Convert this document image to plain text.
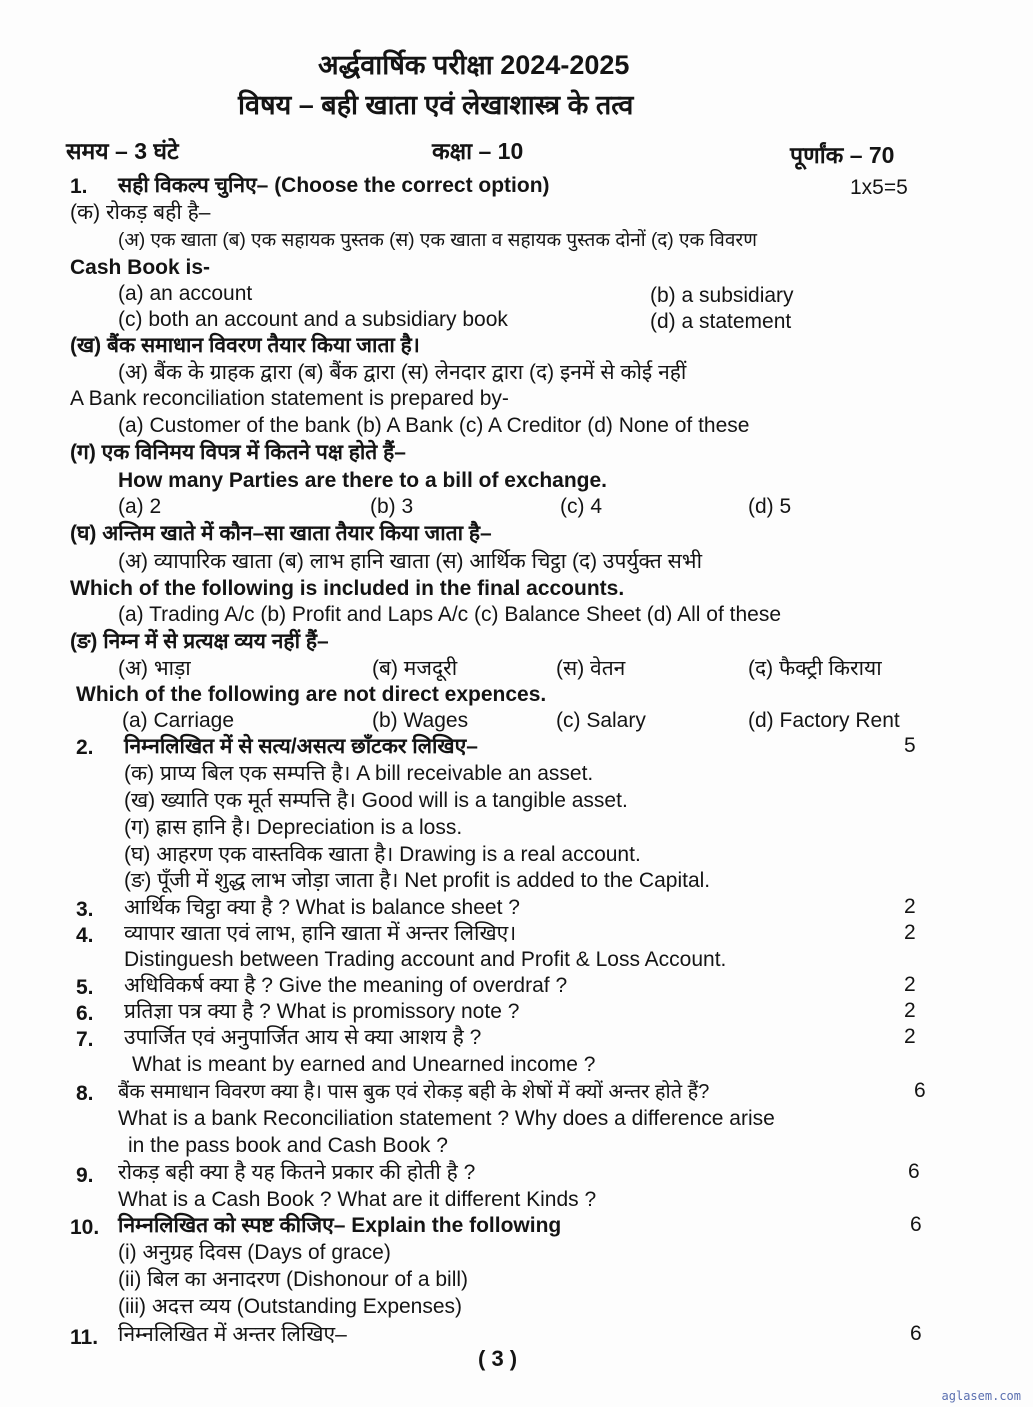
अर्द्धवार्षिक परीक्षा 2024-2025
विषय – बही खाता एवं लेखाशास्त्र के तत्व
समय – 3 घंटे	कक्षा – 10	पूर्णांक – 70
1. सही विकल्प चुनिए– (Choose the correct option)	1x5=5
(क) रोकड़ बही है–
(अ) एक खाता (ब) एक सहायक पुस्तक (स) एक खाता व सहायक पुस्तक दोनों (द) एक विवरण
Cash Book is-
(a) an account	(b) a subsidiary
(c) both an account and a subsidiary book	(d) a statement
(ख) बैंक समाधान विवरण तैयार किया जाता है।
(अ) बैंक के ग्राहक द्वारा (ब) बैंक द्वारा (स) लेनदार द्वारा (द) इनमें से कोई नहीं
A Bank reconciliation statement is prepared by-
(a) Customer of the bank (b) A Bank (c) A Creditor (d) None of these
(ग) एक विनिमय विपत्र में कितने पक्ष होते हैं–
How many Parties are there to a bill of exchange.
(a) 2	(b) 3	(c) 4	(d) 5
(घ) अन्तिम खाते में कौन–सा खाता तैयार किया जाता है–
(अ) व्यापारिक खाता (ब) लाभ हानि खाता (स) आर्थिक चिट्ठा (द) उपर्युक्त सभी
Which of the following is included in the final accounts.
(a) Trading A/c (b) Profit and Laps A/c (c) Balance Sheet (d) All of these
(ङ) निम्न में से प्रत्यक्ष व्यय नहीं हैं–
(अ) भाड़ा	(ब) मजदूरी	(स) वेतन	(द) फैक्ट्री किराया
Which of the following are not direct expences.
(a) Carriage	(b) Wages	(c) Salary	(d) Factory Rent
2. निम्नलिखित में से सत्य/असत्य छाँटकर लिखिए–	5
(क) प्राप्य बिल एक सम्पत्ति है। A bill receivable an asset.
(ख) ख्याति एक मूर्त सम्पत्ति है। Good will is a tangible asset.
(ग) ह्रास हानि है। Depreciation is a loss.
(घ) आहरण एक वास्तविक खाता है। Drawing is a real account.
(ङ) पूँजी में शुद्ध लाभ जोड़ा जाता है। Net profit is added to the Capital.
3. आर्थिक चिट्ठा क्या है ? What is balance sheet ?	2
4. व्यापार खाता एवं लाभ, हानि खाता में अन्तर लिखिए।	2
Distinguesh between Trading account and Profit & Loss Account.
5. अधिविकर्ष क्या है ? Give the meaning of overdraf ?	2
6. प्रतिज्ञा पत्र क्या है ? What is promissory note ?	2
7. उपार्जित एवं अनुपार्जित आय से क्या आशय है ?	2
What is meant by earned and Unearned income ?
8. बैंक समाधान विवरण क्या है। पास बुक एवं रोकड़ बही के शेषों में क्यों अन्तर होते हैं?	6
What is a bank Reconciliation statement ? Why does a difference arise
in the pass book and Cash Book ?
9. रोकड़ बही क्या है यह कितने प्रकार की होती है ?	6
What is a Cash Book ? What are it different Kinds ?
10. निम्नलिखित को स्पष्ट कीजिए– Explain the following	6
(i) अनुग्रह दिवस (Days of grace)
(ii) बिल का अनादरण (Dishonour of a bill)
(iii) अदत्त व्यय (Outstanding Expenses)
11. निम्नलिखित में अन्तर लिखिए–	6
( 3 )
aglasem.com
